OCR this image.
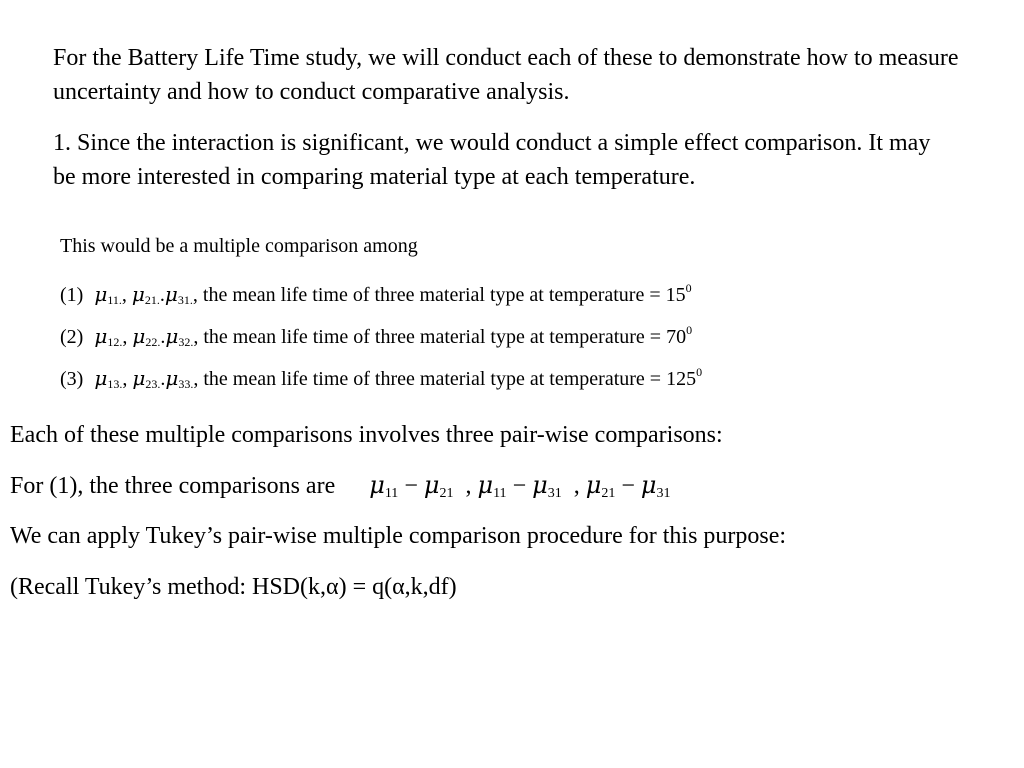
For the Battery Life Time study, we will conduct each of these to demonstrate how to measure uncertainty and how to conduct comparative analysis.
1. Since the interaction is significant, we would conduct a simple effect comparison. It may be more interested in comparing material type at each temperature.
This would be a multiple comparison among
(1) $\mu_{11.}$, $\mu_{21.}.\mu_{31.}$, the mean life time of three material type at temperature = $15^0$
(2) $\mu_{12.}$, $\mu_{22.}.\mu_{32.}$, the mean life time of three material type at temperature = $70^0$
(3) $\mu_{13.}$, $\mu_{23.}.\mu_{33.}$, the mean life time of three material type at temperature = $125^0$
Each of these multiple comparisons involves three pair-wise comparisons:
For (1), the three comparisons are $\mu_{11} - \mu_{21}$ , $\mu_{11} - \mu_{31}$ , $\mu_{21} - \mu_{31}$
We can apply Tukey’s pair-wise multiple comparison procedure for this purpose:
(Recall Tukey’s method: HSD(k,α) = q(α,k,df)
